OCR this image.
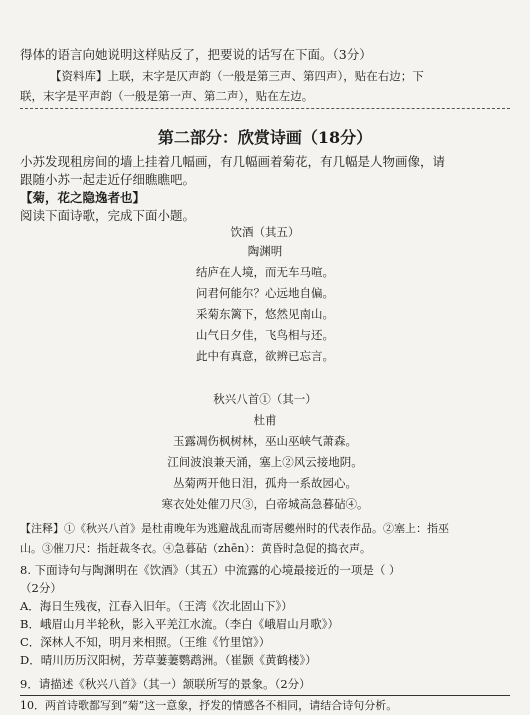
得体的语言向她说明这样贴反了，把要说的话写在下面。（3分）
【资料库】上联，末字是仄声韵（一般是第三声、第四声），贴在右边；下
联，末字是平声韵（一般是第一声、第二声），贴在左边。
第二部分：欣赏诗画（18分）
小苏发现租房间的墙上挂着几幅画，有几幅画着菊花，有几幅是人物画像，请
跟随小苏一起走近仔细瞧瞧吧。
【菊，花之隐逸者也】
阅读下面诗歌，完成下面小题。
饮酒（其五）
陶渊明
结庐在人境，而无车马喧。
问君何能尔？心远地自偏。
采菊东篱下，悠然见南山。
山气日夕佳，飞鸟相与还。
此中有真意，欲辨已忘言。
秋兴八首①（其一）
杜甫
玉露凋伤枫树林，巫山巫峡气萧森。
江间波浪兼天涌，塞上②风云接地阴。
丛菊两开他日泪，孤舟一系故园心。
寒衣处处催刀尺③，白帝城高急暮砧④。
【注释】①《秋兴八首》是杜甫晚年为逃避战乱而寄居夔州时的代表作品。②塞上：指巫
山。③催刀尺：指赶裁冬衣。④急暮砧（zhēn）：黄昏时急促的捣衣声。
8. 下面诗句与陶渊明在《饮酒》（其五）中流露的心境最接近的一项是（ ）
（2分）
A．海日生残夜，江春入旧年。（王湾《次北固山下》）
B．峨眉山月半轮秋，影入平羌江水流。（李白《峨眉山月歌》）
C．深林人不知，明月来相照。（王维《竹里馆》）
D．晴川历历汉阳树，芳草萋萋鹦鹉洲。（崔颢《黄鹤楼》）
9．请描述《秋兴八首》（其一）颔联所写的景象。（2分）
10．两首诗歌都写到“菊”这一意象，抒发的情感各不相同，请结合诗句分析。
